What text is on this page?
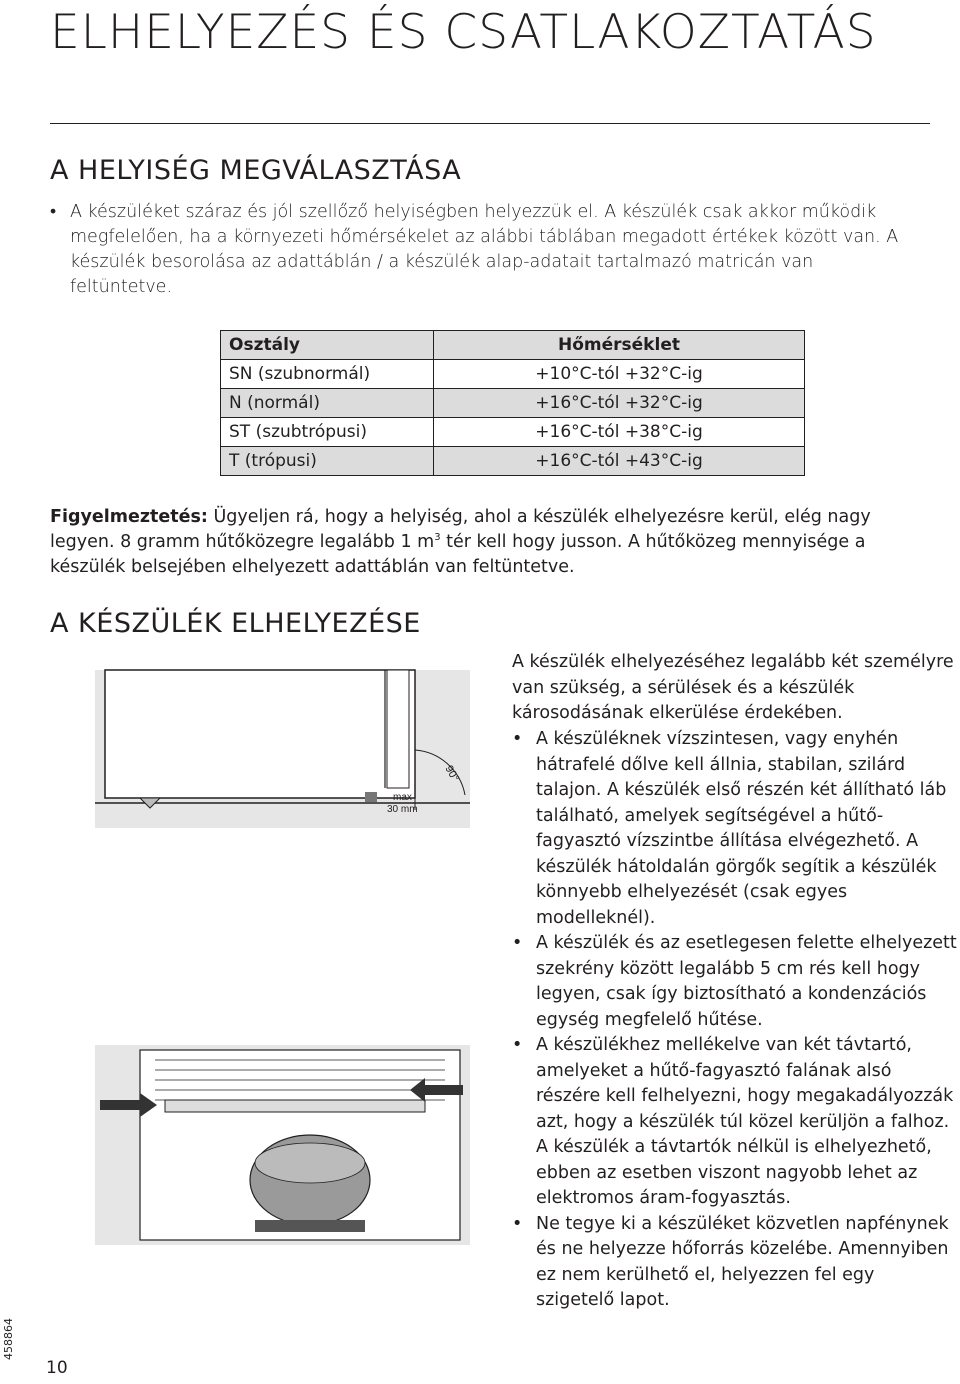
ELHELYEZÉS ÉS CSATLAKOZTATÁS
A HELYISÉG MEGVÁLASZTÁSA
• A készüléket száraz és jól szellőző helyiségben helyezzük el. A készülék csak akkor működik megfelelően, ha a környezeti hőmérsékelet az alábbi táblában megadott értékek között van. A készülék besorolása az adattáblán / a készülék alap-adatait tartalmazó matricán van feltüntetve.
Osztály	Hőmérséklet
SN (szubnormál)	+10°C-tól +32°C-ig
N (normál)	+16°C-tól +32°C-ig
ST (szubtrópusi)	+16°C-tól +38°C-ig
T (trópusi)	+16°C-tól +43°C-ig

Figyelmeztetés: Ügyeljen rá, hogy a helyiség, ahol a készülék elhelyezésre kerül, elég nagy legyen. 8 gramm hűtőközegre legalább 1 $m^3$ tér kell hogy jusson. A hűtőközeg mennyisége a készülék belsejében elhelyezett adattáblán van feltüntetve.

A KÉSZÜLÉK ELHELYEZÉSE
90°
max
30 mm

A készülék elhelyezéséhez legalább két személyre van szükség, a sérülések és a készülék károsodásának elkerülése érdekében.

• A készüléknek vízszintesen, vagy enyhén hátrafelé dőlve kell állnia, stabilan, szilárd talajon. A készülék első részén két állítható láb található, amelyek segítségével a hűtő-fagyasztó vízszintbe állítása elvégezhető. A készülék hátoldalán görgők segítik a készülék könnyebb elhelyezését (csak egyes modelleknél).
• A készülék és az esetlegesen felette elhelyezett szekrény között legalább 5 cm rés kell hogy legyen, csak így biztosítható a kondenzációs egység megfelelő hűtése.
• A készülékhez mellékelve van két távtartó, amelyeket a hűtő-fagyasztó falának alsó részére kell felhelyezni, hogy megakadályozzák azt, hogy a készülék túl közel kerüljön a falhoz. A készülék a távtartók nélkül is elhelyezhető, ebben az esetben viszont nagyobb lehet az elektromos áram-fogyasztás.
• Ne tegye ki a készüléket közvetlen napfénynek és ne helyezze hőforrás közelébe. Amennyiben ez nem kerülhető el, helyezzen fel egy szigetelő lapot.
10
458864
